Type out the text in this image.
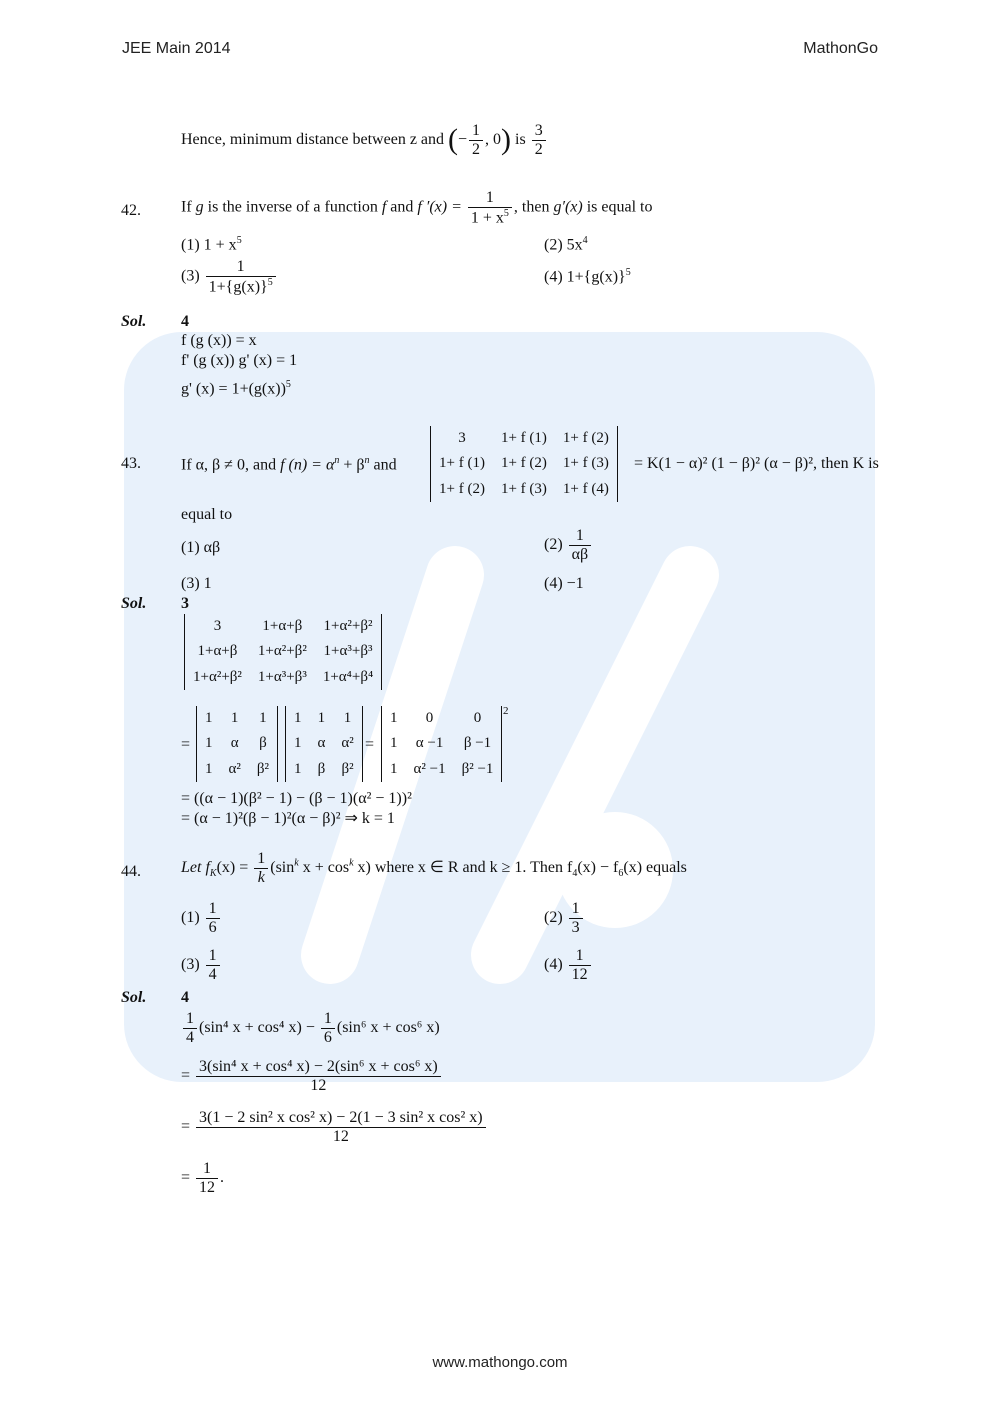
JEE Main 2014	MathonGo
Hence, minimum distance between z and (− $\frac{1}{2}$ , 0) is $\frac{3}{2}$
42.	If g is the inverse of a function f and f $'(x) = \frac{1}{1 + x^5}$ , then g′(x) is equal to
(1) $1 + x^5$	(2) $5x^4$
$(3) \frac{1}{1+\{g(x)\}^5}$	(4) $1+\{g(x)\}^5$
Sol. 4
f (g (x)) = x
f' (g (x)) g' (x) = 1
g' $(x) = 1+(g(x))^5$
43.	If α, β ≠ 0, and f $(n) = \alpha^n + \beta^n$ and
3	1+ f (1)	1+ f (2)
1+ f (1)	1+ f (2)	1+ f (3)
1+ f (2)	1+ f (3)	1+ f (4)
= K(1 − α)² (1 − β)² (α − β)², then K is
equal to
(1) αβ	$(2) \frac{1}{\alpha\beta}$
(3) 1	(4) −1
Sol. 3
3	1+α+β	1+α²+β²
1+α+β	1+α²+β²	1+α³+β³
1+α²+β²	1+α³+β³	1+α⁴+β⁴
=
1	1	1
1	α	β
1	α²	β²
1	1	1
1	α	α²
1	β	β²
=
1	0	0
1	α −1	β −1
1	α² −1	β² −1
2
= ((α − 1)(β² − 1) − (β − 1)(α² − 1))²
= (α − 1)²(β − 1)²(α − β)² ⇒ k = 1
44.	Let $f_K(x) = \frac{1}{k} (\sin^k$ $x + \cos^k x$) where x ∈ R and k ≥ 1. Then $f_4(x) - f_6(x)$ equals
$(1) \frac{1}{6}$	$(2) \frac{1}{3}$
$(3) \frac{1}{4}$	$(4) \frac{1}{12}$
Sol. 4
$\frac{1}{4} (\sin^4$ x + cos⁴ $x) - \frac{1}{6} (\sin^6$ x + cos⁶ x)
= $\frac{\text{3(sin⁴ x + cos⁴ x) − 2(sin⁶ x + cos⁶ x)}}{12}$
= $\frac{\text{3(1 − 2 sin² x cos² x) − 2(1 − 3 sin² x cos² x)}}{12}$
= $\frac{1}{12}$ .
www.mathongo.com
